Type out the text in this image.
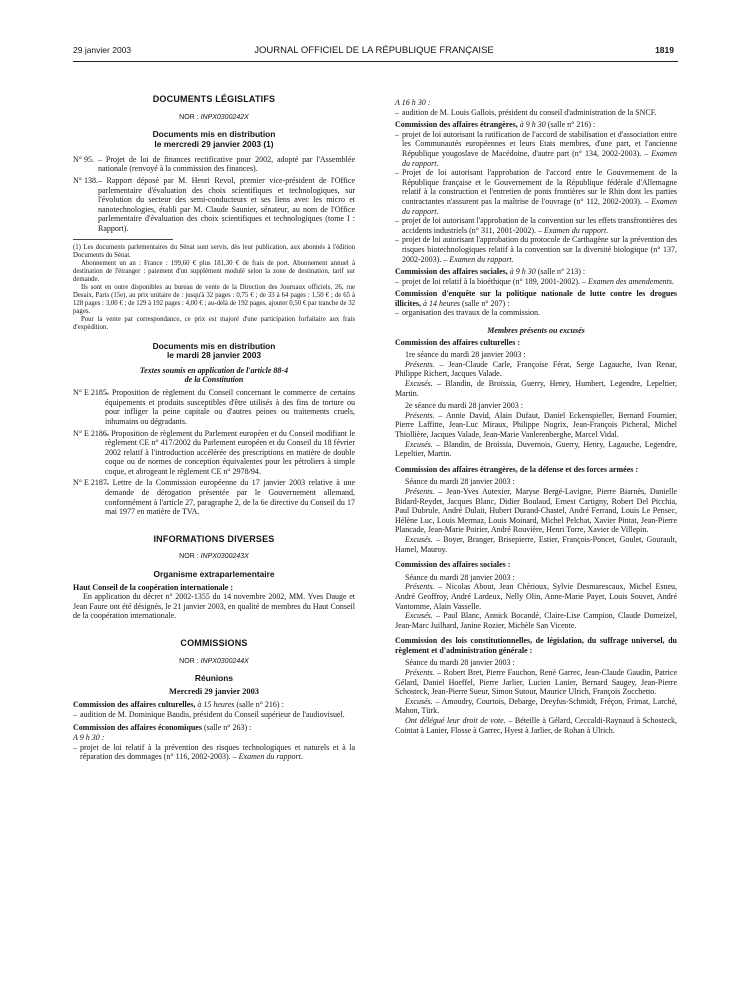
29 janvier 2003	JOURNAL OFFICIEL DE LA RÉPUBLIQUE FRANÇAISE	1819
DOCUMENTS LÉGISLATIFS
NOR : INPX0300242X
Documents mis en distribution
le mercredi 29 janvier 2003 (1)
N° 95. – Projet de loi de finances rectificative pour 2002, adopté par l'Assemblée nationale (renvoyé à la commission des finances).
N° 138. – Rapport déposé par M. Henri Revol, premier vice-président de l'Office parlementaire d'évaluation des choix scientifiques et technologiques, sur l'évolution du secteur des semi-conducteurs et ses liens avec les micro et nanotechnologies, établi par M. Claude Saunier, sénateur, au nom de l'Office parlementaire d'évaluation des choix scientifiques et technologiques (tome I : Rapport).
(1) Les documents parlementaires du Sénat sont servis, dès leur publication, aux abonnés à l'édition Documents du Sénat.
Abonnement un an : France : 199,60 € plus 181,30 € de frais de port. Abonnement annuel à destination de l'étranger : paiement d'un supplément modulé selon la zone de destination, tarif sur demande.
Ils sont en outre disponibles au bureau de vente de la Direction des Journaux officiels, 26, rue Desaix, Paris (15e), au prix unitaire de : jusqu'à 32 pages : 0,75 € ; de 33 à 64 pages : 1,50 € ; de 65 à 128 pages : 3,00 € ; de 129 à 192 pages : 4,00 € ; au-delà de 192 pages, ajouter 0,50 € par tranche de 32 pages.
Pour la vente par correspondance, ce prix est majoré d'une participation forfaitaire aux frais d'expédition.
Documents mis en distribution
le mardi 28 janvier 2003
Textes soumis en application de l'article 88-4
de la Constitution
N° E 2185.
– Proposition de règlement du Conseil concernant le commerce de certains équipements et produits susceptibles d'être utilisés à des fins de torture ou pour infliger la peine capitale ou d'autres peines ou traitements cruels, inhumains ou dégradants.
N° E 2186.
– Proposition de règlement du Parlement européen et du Conseil modifiant le règlement CE n° 417/2002 du Parlement européen et du Conseil du 18 février 2002 relatif à l'introduction accélérée des prescriptions en matière de double coque ou de normes de conception équivalentes pour les pétroliers à simple coque, et abrogeant le règlement CE n° 2978/94.
N° E 2187.
– Lettre de la Commission européenne du 17 janvier 2003 relative à une demande de dérogation présentée par le Gouvernement allemand, conformément à l'article 27, paragraphe 2, de la 6e directive du Conseil du 17 mai 1977 en matière de TVA.
INFORMATIONS DIVERSES
NOR : INPX0300243X
Organisme extraparlementaire
Haut Conseil de la coopération internationale :
En application du décret n° 2002-1355 du 14 novembre 2002, MM. Yves Dauge et Jean Faure ont été désignés, le 21 janvier 2003, en qualité de membres du Haut Conseil de la coopération internationale.
COMMISSIONS
NOR : INPX0300244X
Réunions
Mercredi 29 janvier 2003
Commission des affaires culturelles, à 15 heures (salle n° 216) :
– audition de M. Dominique Baudis, président du Conseil supérieur de l'audiovisuel.
Commission des affaires économiques (salle n° 263) :
A 9 h 30 :
– projet de loi relatif à la prévention des risques technologiques et naturels et à la réparation des dommages (n° 116, 2002-2003). – Examen du rapport.
A 16 h 30 :
– audition de M. Louis Gallois, président du conseil d'administration de la SNCF.
Commission des affaires étrangères, à 9 h 30 (salle n° 216) :
– projet de loi autorisant la ratification de l'accord de stabilisation et d'association entre les Communautés européennes et leurs Etats membres, d'une part, et l'ancienne République yougoslave de Macédoine, d'autre part (n° 134, 2002-2003). – Examen du rapport.
– Projet de loi autorisant l'approbation de l'accord entre le Gouvernement de la République française et le Gouvernement de la République fédérale d'Allemagne relatif à la construction et l'entretien de ponts frontières sur le Rhin dont les parties contractantes n'assurent pas la maîtrise de l'ouvrage (n° 112, 2002-2003). – Examen du rapport.
– projet de loi autorisant l'approbation de la convention sur les effets transfrontières des accidents industriels (n° 311, 2001-2002). – Examen du rapport.
– projet de loi autorisant l'approbation du protocole de Carthagène sur la prévention des risques biotechnologiques relatif à la convention sur la diversité biologique (n° 137, 2002-2003). – Examen du rapport.
Commission des affaires sociales, à 9 h 30 (salle n° 213) :
– projet de loi relatif à la bioéthique (n° 189, 2001-2002). – Examen des amendements.
Commission d'enquête sur la politique nationale de lutte contre les drogues illicites, à 14 heures (salle n° 207) :
– organisation des travaux de la commission.
Membres présents ou excusés
Commission des affaires culturelles :
1re séance du mardi 28 janvier 2003 :
Présents. – Jean-Claude Carle, Françoise Férat, Serge Lagauche, Ivan Renar, Philippe Richert, Jacques Valade.
Excusés. – Blandin, de Broissia, Guerry, Henry, Humbert, Legendre, Lepeltier, Martin.
2e séance du mardi 28 janvier 2003 :
Présents. – Annie David, Alain Dufaut, Daniel Eckenspieller, Bernard Fournier, Pierre Laffitte, Jean-Luc Miraux, Philippe Nogrix, Jean-François Picheral, Michel Thiollière, Jacques Valade, Jean-Marie Vanlerenberghe, Marcel Vidal.
Excusés. – Blandin, de Broissia, Duvernois, Guerry, Henry, Lagauche, Legendre, Lepeltier, Martin.
Commission des affaires étrangères, de la défense et des forces armées :
Séance du mardi 28 janvier 2003 :
Présents. – Jean-Yves Autexier, Maryse Bergé-Lavigne, Pierre Biarnès, Danielle Bidard-Reydet, Jacques Blanc, Didier Boulaud, Ernest Cartigny, Robert Del Picchia, Paul Dubrule, André Dulait, Hubert Durand-Chastel, André Ferrand, Louis Le Pensec, Hélène Luc, Louis Mermaz, Louis Moinard, Michel Pelchat, Xavier Pintat, Jean-Pierre Plancade, Jean-Marie Poirier, André Rouvière, Henri Torre, Xavier de Villepin.
Excusés. – Boyer, Branger, Brisepierre, Estier, François-Poncet, Goulet, Gourault, Hamel, Mauroy.
Commission des affaires sociales :
Séance du mardi 28 janvier 2003 :
Présents. – Nicolas About, Jean Chérioux, Sylvie Desmarescaux, Michel Esneu, André Geoffroy, André Lardeux, Nelly Olin, Anne-Marie Payet, Louis Souvet, André Vantomme, Alain Vasselle.
Excusés. – Paul Blanc, Annick Bocandé, Claire-Lise Campion, Claude Domeizel, Jean-Marc Juilhard, Janine Rozier, Michèle San Vicente.
Commission des lois constitutionnelles, de législation, du suffrage universel, du règlement et d'administration générale :
Séance du mardi 28 janvier 2003 :
Présents. – Robert Bret, Pierre Fauchon, René Garrec, Jean-Claude Gaudin, Patrice Gélard, Daniel Hoeffel, Pierre Jarlier, Lucien Lanier, Bernard Saugey, Jean-Pierre Schosteck, Jean-Pierre Sueur, Simon Sutour, Maurice Ulrich, François Zocchetto.
Excusés. – Amoudry, Courtois, Debarge, Dreyfus-Schmidt, Fréçon, Frimat, Larché, Mahon, Türk.
Ont délégué leur droit de vote. – Béteille à Gélard, Ceccaldi-Raynaud à Schosteck, Cointat à Lanier, Flosse à Garrec, Hyest à Jarlier, de Rohan à Ulrich.
